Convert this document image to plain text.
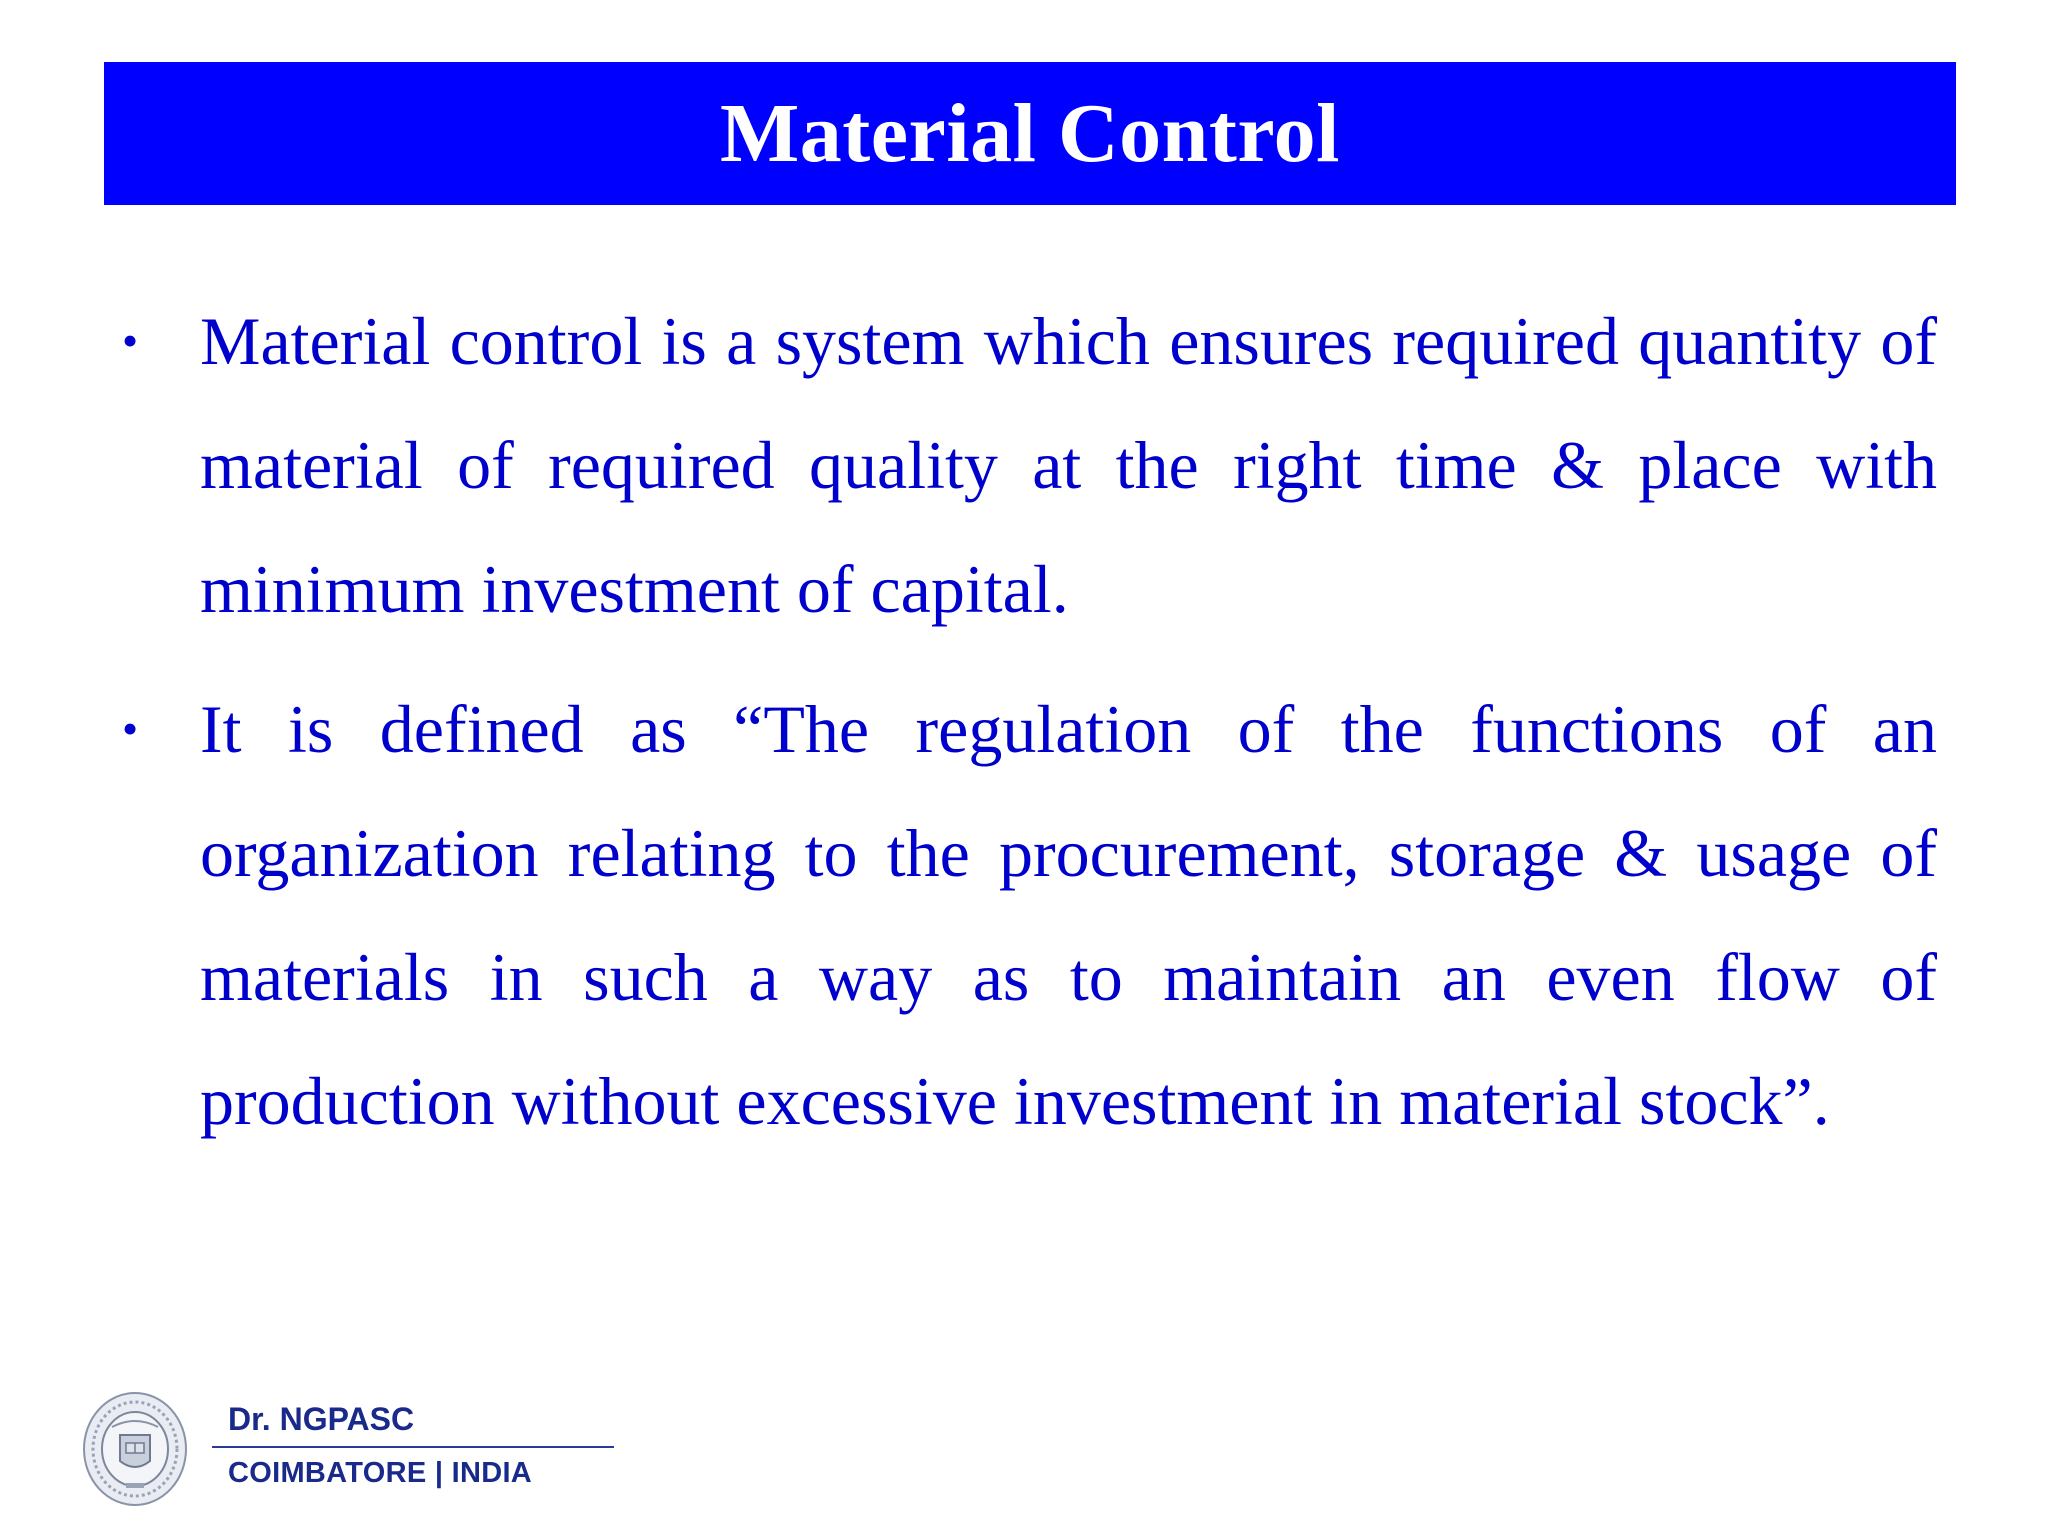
Material Control
• Material control is a system which ensures required quantity of material of required quality at the right time & place with minimum investment of capital.

• It is defined as “The regulation of the functions of an organization relating to the procurement, storage & usage of materials in such a way as to maintain an even flow of production without excessive investment in material stock”.

Dr. NGPASC
COIMBATORE | INDIA
